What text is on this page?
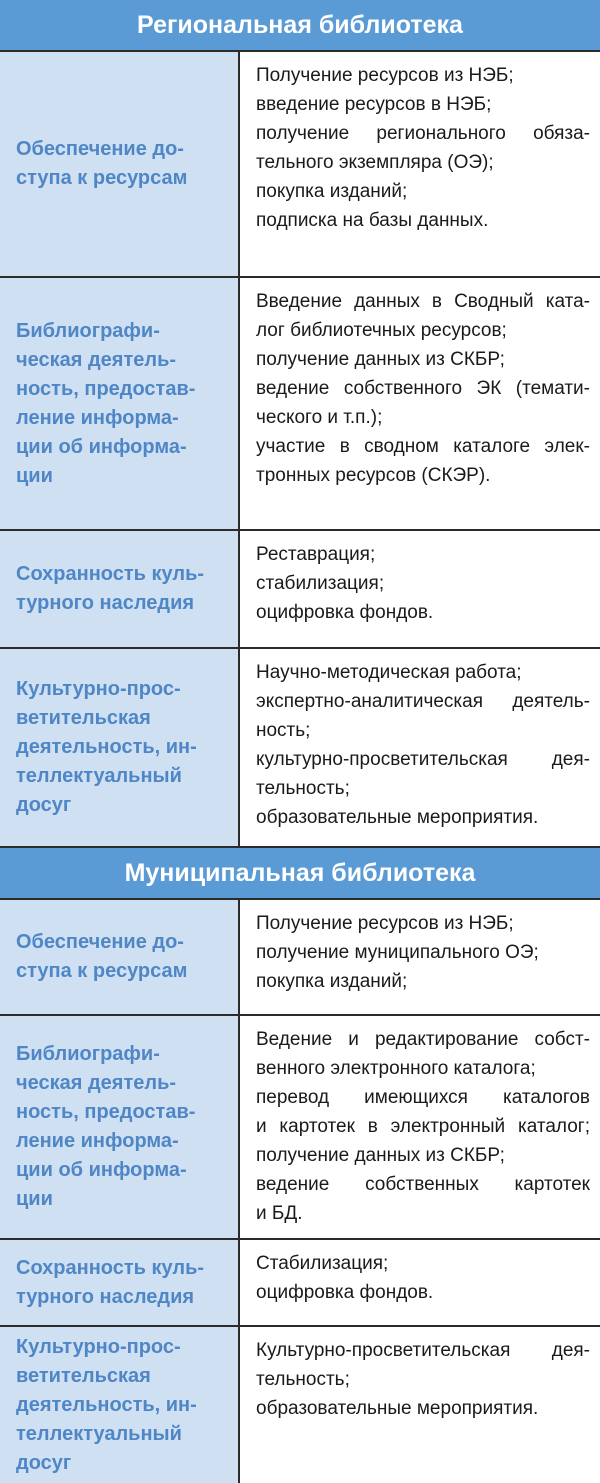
Региональная библиотека
Обеспечение до-
ступа к ресурсам
Получение ресурсов из НЭБ;
введение ресурсов в НЭБ;
получение регионального обяза-
тельного экземпляра (ОЭ);
покупка изданий;
подписка на базы данных.
Библиографи-
ческая деятель-
ность, предостав-
ление информа-
ции об информа-
ции
Введение данных в Сводный ката-
лог библиотечных ресурсов;
получение данных из СКБР;
ведение собственного ЭК (темати-
ческого и т.п.);
участие в сводном каталоге элек-
тронных ресурсов (СКЭР).
Сохранность куль-
турного наследия
Реставрация;
стабилизация;
оцифровка фондов.
Культурно-прос-
ветительская
деятельность, ин-
теллектуальный
досуг
Научно-методическая работа;
экспертно-аналитическая деятель-
ность;
культурно-просветительская дея-
тельность;
образовательные мероприятия.
Муниципальная библиотека
Обеспечение до-
ступа к ресурсам
Получение ресурсов из НЭБ;
получение муниципального ОЭ;
покупка изданий;
Библиографи-
ческая деятель-
ность, предостав-
ление информа-
ции об информа-
ции
Ведение и редактирование собст-
венного электронного каталога;
перевод имеющихся каталогов
и картотек в электронный каталог;
получение данных из СКБР;
ведение собственных картотек
и БД.
Сохранность куль-
турного наследия
Стабилизация;
оцифровка фондов.
Культурно-прос-
ветительская
деятельность, ин-
теллектуальный
досуг
Культурно-просветительская дея-
тельность;
образовательные мероприятия.
